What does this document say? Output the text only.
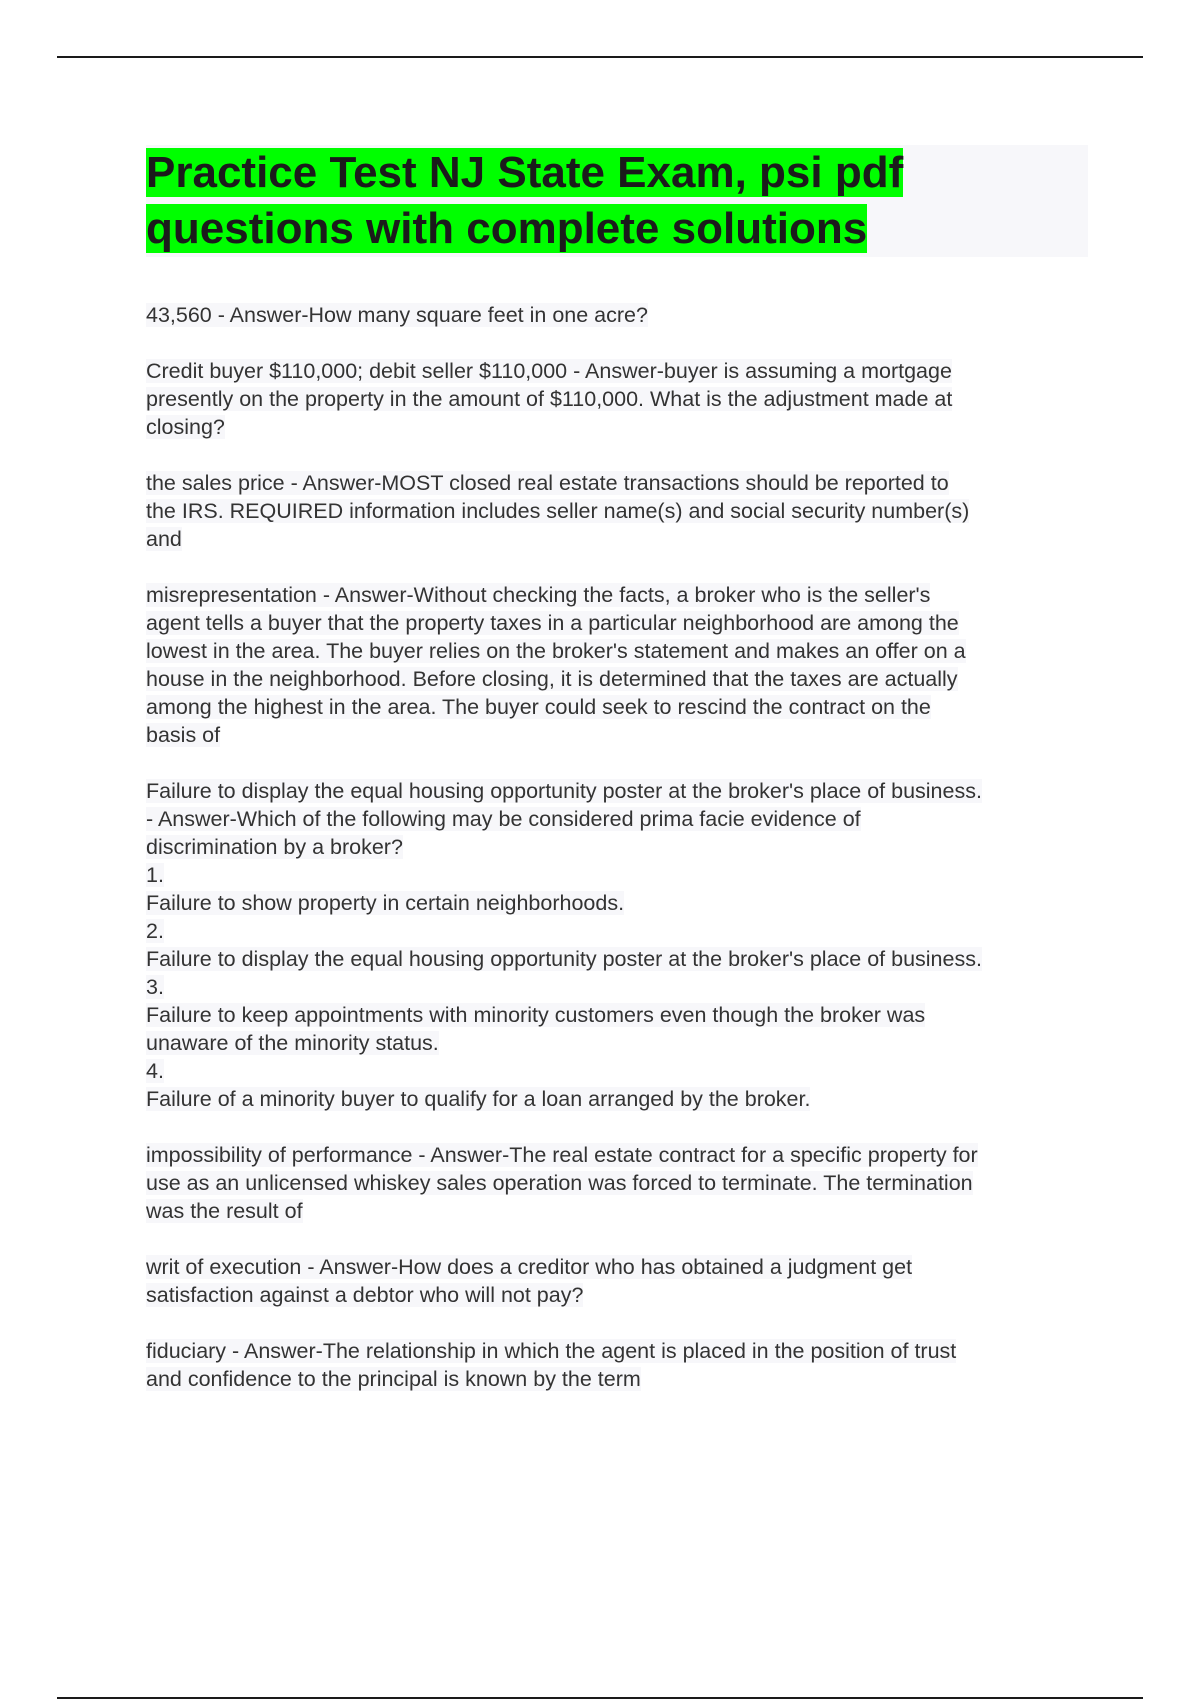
Practice Test NJ State Exam, psi pdf
questions with complete solutions

43,560 - Answer-How many square feet in one acre?

Credit buyer $110,000; debit seller $110,000 - Answer-buyer is assuming a mortgage
presently on the property in the amount of $110,000. What is the adjustment made at
closing?

the sales price - Answer-MOST closed real estate transactions should be reported to
the IRS. REQUIRED information includes seller name(s) and social security number(s)
and

misrepresentation - Answer-Without checking the facts, a broker who is the seller's
agent tells a buyer that the property taxes in a particular neighborhood are among the
lowest in the area. The buyer relies on the broker's statement and makes an offer on a
house in the neighborhood. Before closing, it is determined that the taxes are actually
among the highest in the area. The buyer could seek to rescind the contract on the
basis of

Failure to display the equal housing opportunity poster at the broker's place of business.
- Answer-Which of the following may be considered prima facie evidence of
discrimination by a broker?
1.
Failure to show property in certain neighborhoods.
2.
Failure to display the equal housing opportunity poster at the broker's place of business.
3.
Failure to keep appointments with minority customers even though the broker was
unaware of the minority status.
4.
Failure of a minority buyer to qualify for a loan arranged by the broker.

impossibility of performance - Answer-The real estate contract for a specific property for
use as an unlicensed whiskey sales operation was forced to terminate. The termination
was the result of

writ of execution - Answer-How does a creditor who has obtained a judgment get
satisfaction against a debtor who will not pay?

fiduciary - Answer-The relationship in which the agent is placed in the position of trust
and confidence to the principal is known by the term
